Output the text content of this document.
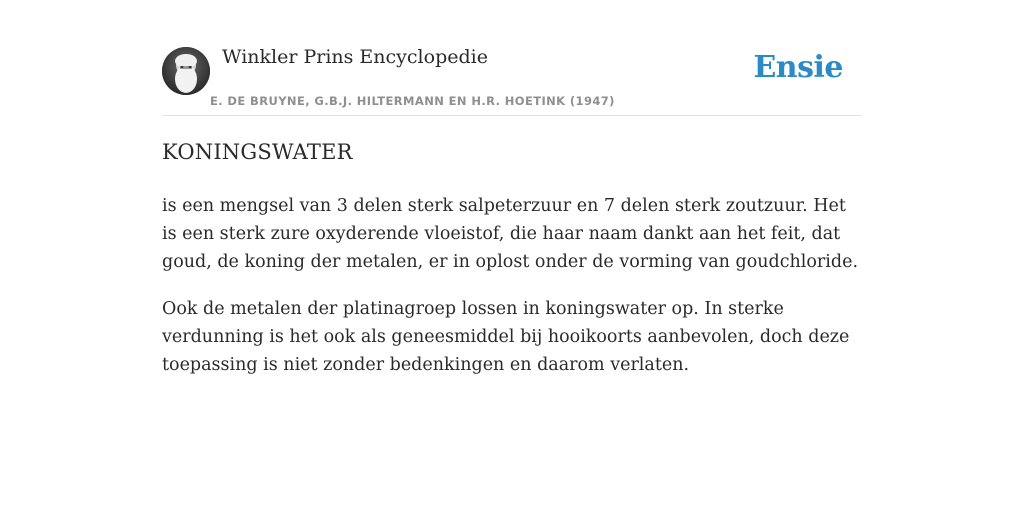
Winkler Prins Encyclopedie
E. DE BRUYNE, G.B.J. HILTERMANN EN H.R. HOETINK (1947)
Ensie
KONINGSWATER

is een mengsel van 3 delen sterk salpeterzuur en 7 delen sterk zoutzuur. Het is een sterk zure oxyderende vloeistof, die haar naam dankt aan het feit, dat goud, de koning der metalen, er in oplost onder de vorming van goudchloride.

Ook de metalen der platinagroep lossen in koningswater op. In sterke verdunning is het ook als geneesmiddel bij hooikoorts aanbevolen, doch deze toepassing is niet zonder bedenkingen en daarom verlaten.
